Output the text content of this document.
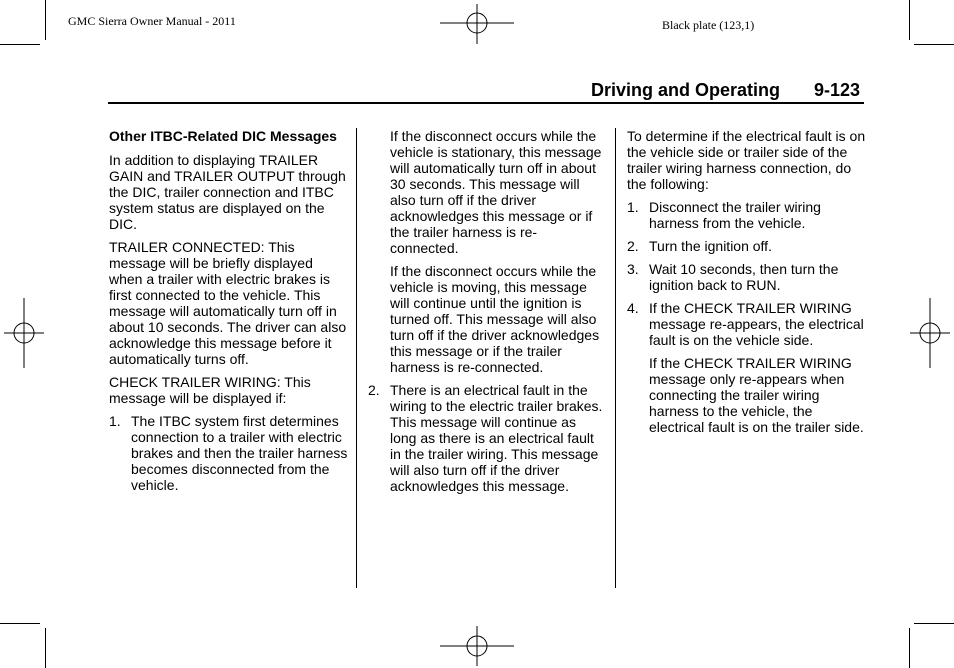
GMC Sierra Owner Manual - 2011	Black plate (123,1)
Driving and Operating 9-123

Other ITBC-Related DIC Messages

In addition to displaying TRAILER GAIN and TRAILER OUTPUT through the DIC, trailer connection and ITBC system status are displayed on the DIC.

TRAILER CONNECTED: This message will be briefly displayed when a trailer with electric brakes is first connected to the vehicle. This message will automatically turn off in about 10 seconds. The driver can also acknowledge this message before it automatically turns off.

CHECK TRAILER WIRING: This message will be displayed if:

1. The ITBC system first determines connection to a trailer with electric brakes and then the trailer harness becomes disconnected from the vehicle.

If the disconnect occurs while the vehicle is stationary, this message will automatically turn off in about 30 seconds. This message will also turn off if the driver acknowledges this message or if the trailer harness is re-connected.

If the disconnect occurs while the vehicle is moving, this message will continue until the ignition is turned off. This message will also turn off if the driver acknowledges this message or if the trailer harness is re-connected.

2. There is an electrical fault in the wiring to the electric trailer brakes. This message will continue as long as there is an electrical fault in the trailer wiring. This message will also turn off if the driver acknowledges this message.

To determine if the electrical fault is on the vehicle side or trailer side of the trailer wiring harness connection, do the following:

1. Disconnect the trailer wiring harness from the vehicle.
2. Turn the ignition off.
3. Wait 10 seconds, then turn the ignition back to RUN.
4. If the CHECK TRAILER WIRING message re-appears, the electrical fault is on the vehicle side.

If the CHECK TRAILER WIRING message only re-appears when connecting the trailer wiring harness to the vehicle, the electrical fault is on the trailer side.
